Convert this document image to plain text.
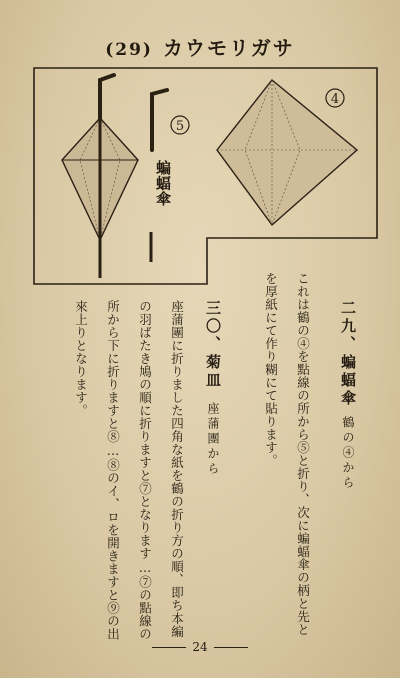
(29) カウモリガサ
5
4
蝙蝠傘
二九、蝙蝠傘鶴の④から
これは鶴の④を點線の所から⑤と折り、次に蝙蝠傘の柄と先と
を厚紙にて作り糊にて貼ります。
三〇、菊皿座蒲團から
座蒲團に折りました四角な紙を鶴の折り方の順、即ち本編
の羽ばたき鳩の順に折りますと⑦となります…⑦の點線の
所から下に折りますと⑧…⑧のイ、ロを開きますと⑨の出
來上りとなります。
24
